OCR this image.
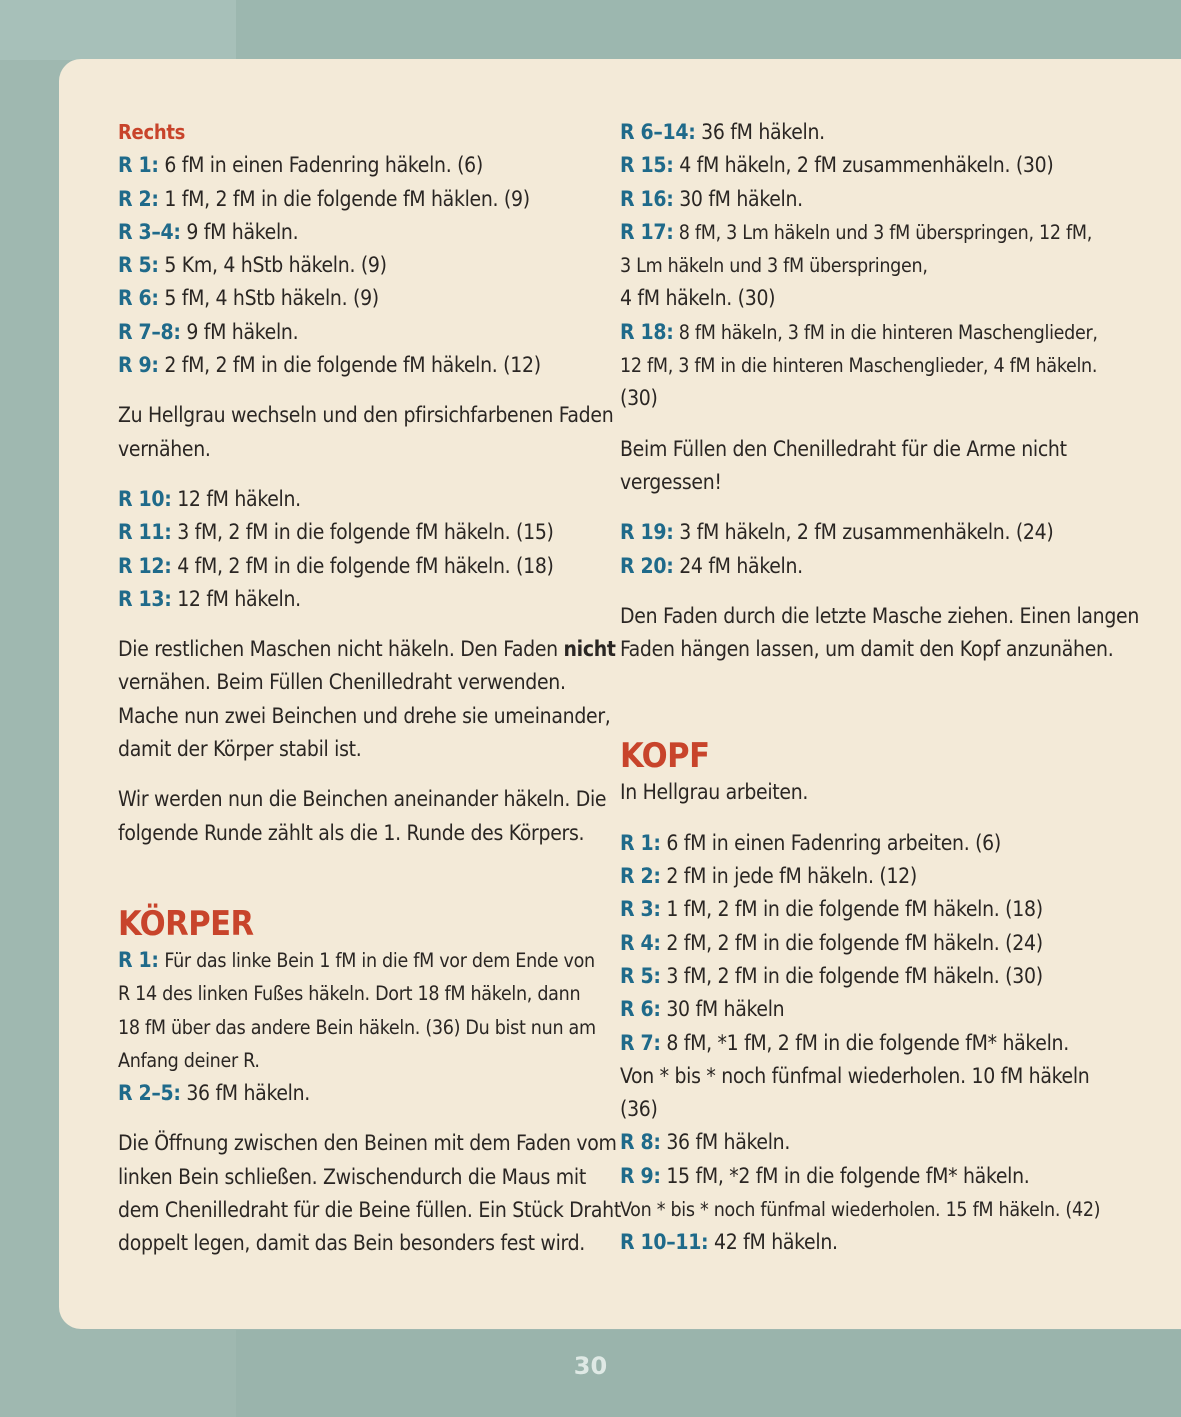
Rechts
R 1: 6 fM in einen Fadenring häkeln. (6)
R 2: 1 fM, 2 fM in die folgende fM häklen. (9)
R 3–4: 9 fM häkeln.
R 5: 5 Km, 4 hStb häkeln. (9)
R 6: 5 fM, 4 hStb häkeln. (9)
R 7–8: 9 fM häkeln.
R 9: 2 fM, 2 fM in die folgende fM häkeln. (12)
Zu Hellgrau wechseln und den pfirsichfarbenen Faden
vernähen.
R 10: 12 fM häkeln.
R 11: 3 fM, 2 fM in die folgende fM häkeln. (15)
R 12: 4 fM, 2 fM in die folgende fM häkeln. (18)
R 13: 12 fM häkeln.
Die restlichen Maschen nicht häkeln. Den Faden nicht
vernähen. Beim Füllen Chenilledraht verwenden.
Mache nun zwei Beinchen und drehe sie umeinander,
damit der Körper stabil ist.
Wir werden nun die Beinchen aneinander häkeln. Die
folgende Runde zählt als die 1. Runde des Körpers.
KÖRPER
R 1: Für das linke Bein 1 fM in die fM vor dem Ende von
R 14 des linken Fußes häkeln. Dort 18 fM häkeln, dann
18 fM über das andere Bein häkeln. (36) Du bist nun am
Anfang deiner R.
R 2–5: 36 fM häkeln.
Die Öffnung zwischen den Beinen mit dem Faden vom
linken Bein schließen. Zwischendurch die Maus mit
dem Chenilledraht für die Beine füllen. Ein Stück Draht
doppelt legen, damit das Bein besonders fest wird.
R 6–14: 36 fM häkeln.
R 15: 4 fM häkeln, 2 fM zusammenhäkeln. (30)
R 16: 30 fM häkeln.
R 17: 8 fM, 3 Lm häkeln und 3 fM überspringen, 12 fM,
3 Lm häkeln und 3 fM überspringen,
4 fM häkeln. (30)
R 18: 8 fM häkeln, 3 fM in die hinteren Maschenglieder,
12 fM, 3 fM in die hinteren Maschenglieder, 4 fM häkeln.
(30)
Beim Füllen den Chenilledraht für die Arme nicht
vergessen!
R 19: 3 fM häkeln, 2 fM zusammenhäkeln. (24)
R 20: 24 fM häkeln.
Den Faden durch die letzte Masche ziehen. Einen langen
Faden hängen lassen, um damit den Kopf anzunähen.
KOPF
In Hellgrau arbeiten.
R 1: 6 fM in einen Fadenring arbeiten. (6)
R 2: 2 fM in jede fM häkeln. (12)
R 3: 1 fM, 2 fM in die folgende fM häkeln. (18)
R 4: 2 fM, 2 fM in die folgende fM häkeln. (24)
R 5: 3 fM, 2 fM in die folgende fM häkeln. (30)
R 6: 30 fM häkeln
R 7: 8 fM, *1 fM, 2 fM in die folgende fM* häkeln.
Von * bis * noch fünfmal wiederholen. 10 fM häkeln
(36)
R 8: 36 fM häkeln.
R 9: 15 fM, *2 fM in die folgende fM* häkeln.
Von * bis * noch fünfmal wiederholen. 15 fM häkeln. (42)
R 10–11: 42 fM häkeln.
30
